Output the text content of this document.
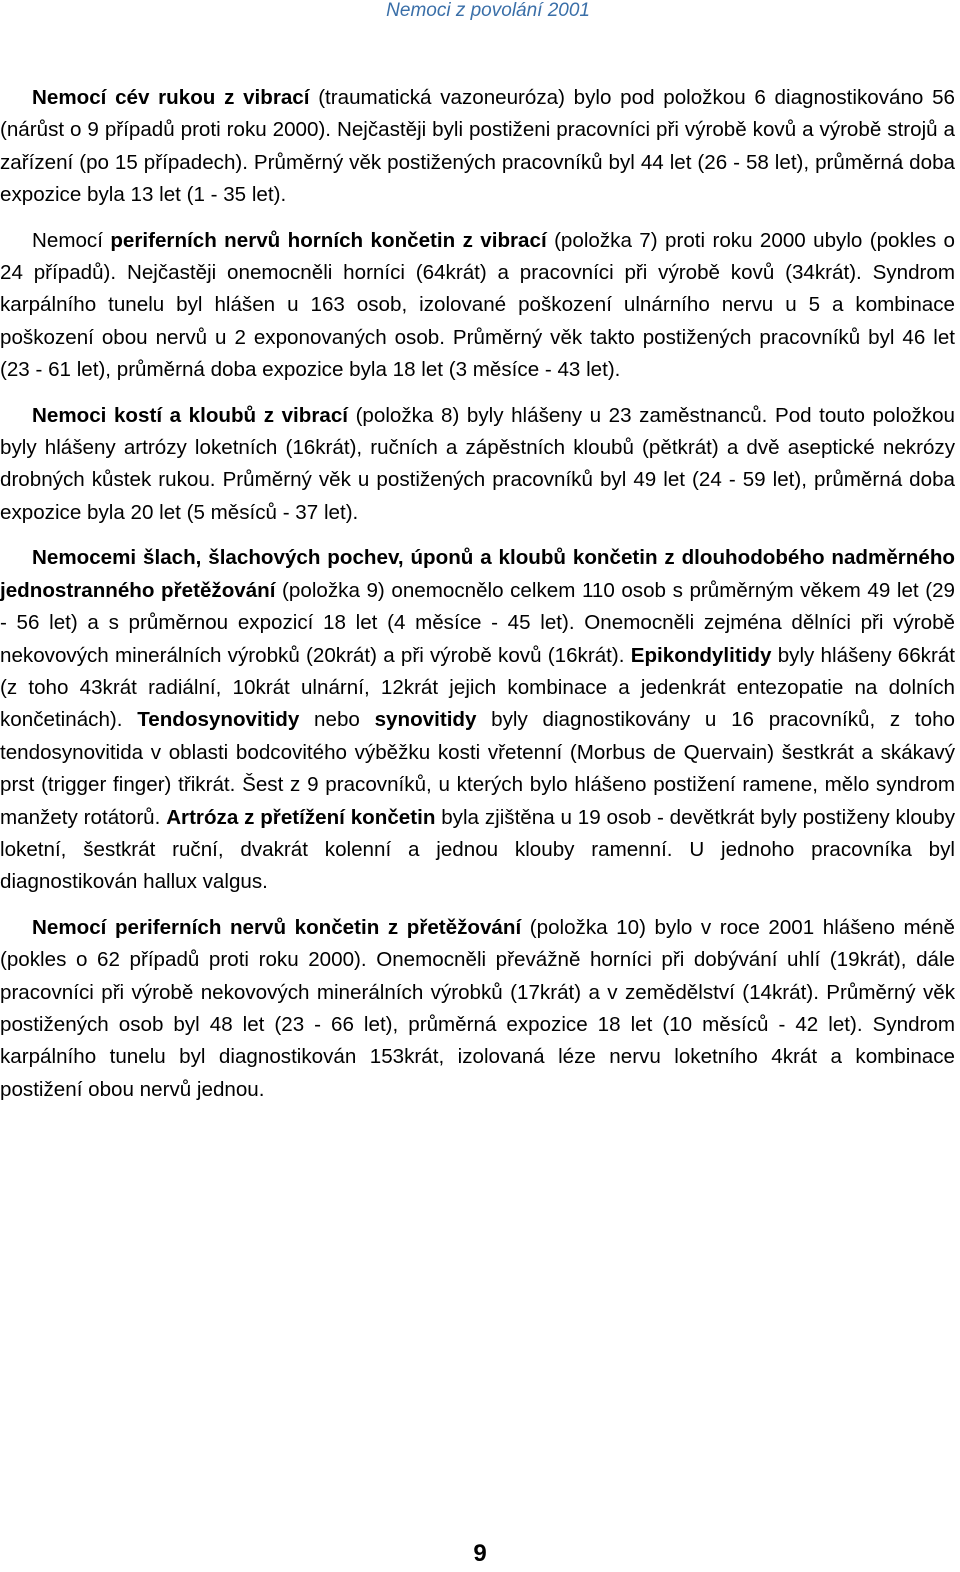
Nemoci z povolání 2001

Nemocí cév rukou z vibrací (traumatická vazoneuróza) bylo pod položkou 6 diagnostikováno 56 (nárůst o 9 případů proti roku 2000). Nejčastěji byli postiženi pracovníci při výrobě kovů a výrobě strojů a zařízení (po 15 případech). Průměrný věk postižených pracovníků byl 44 let (26 - 58 let), průměrná doba expozice byla 13 let (1 - 35 let).

Nemocí periferních nervů horních končetin z vibrací (položka 7) proti roku 2000 ubylo (pokles o 24 případů). Nejčastěji onemocněli horníci (64krát) a pracovníci při výrobě kovů (34krát). Syndrom karpálního tunelu byl hlášen u 163 osob, izolované poškození ulnárního nervu u 5 a kombinace poškození obou nervů u 2 exponovaných osob. Průměrný věk takto postižených pracovníků byl 46 let (23 - 61 let), průměrná doba expozice byla 18 let (3 měsíce - 43 let).

Nemoci kostí a kloubů z vibrací (položka 8) byly hlášeny u 23 zaměstnanců. Pod touto položkou byly hlášeny artrózy loketních (16krát), ručních a zápěstních kloubů (pětkrát) a dvě aseptické nekrózy drobných kůstek rukou. Průměrný věk u postižených pracovníků byl 49 let (24 - 59 let), průměrná doba expozice byla 20 let (5 měsíců - 37 let).

Nemocemi šlach, šlachových pochev, úponů a kloubů končetin z dlouhodobého nadměrného jednostranného přetěžování (položka 9) onemocnělo celkem 110 osob s průměrným věkem 49 let (29 - 56 let) a s průměrnou expozicí 18 let (4 měsíce - 45 let). Onemocněli zejména dělníci při výrobě nekovových minerálních výrobků (20krát) a při výrobě kovů (16krát). Epikondylitidy byly hlášeny 66krát (z toho 43krát radiální, 10krát ulnární, 12krát jejich kombinace a jedenkrát entezopatie na dolních končetinách). Tendosynovitidy nebo synovitidy byly diagnostikovány u 16 pracovníků, z toho tendosynovitida v oblasti bodcovitého výběžku kosti vřetenní (Morbus de Quervain) šestkrát a skákavý prst (trigger finger) třikrát. Šest z 9 pracovníků, u kterých bylo hlášeno postižení ramene, mělo syndrom manžety rotátorů. Artróza z přetížení končetin byla zjištěna u 19 osob - devětkrát byly postiženy klouby loketní, šestkrát ruční, dvakrát kolenní a jednou klouby ramenní. U jednoho pracovníka byl diagnostikován hallux valgus.

Nemocí periferních nervů končetin z přetěžování (položka 10) bylo v roce 2001 hlášeno méně (pokles o 62 případů proti roku 2000). Onemocněli převážně horníci při dobývání uhlí (19krát), dále pracovníci při výrobě nekovových minerálních výrobků (17krát) a v zemědělství (14krát). Průměrný věk postižených osob byl 48 let (23 - 66 let), průměrná expozice 18 let (10 měsíců - 42 let). Syndrom karpálního tunelu byl diagnostikován 153krát, izolovaná léze nervu loketního 4krát a kombinace postižení obou nervů jednou.

9
